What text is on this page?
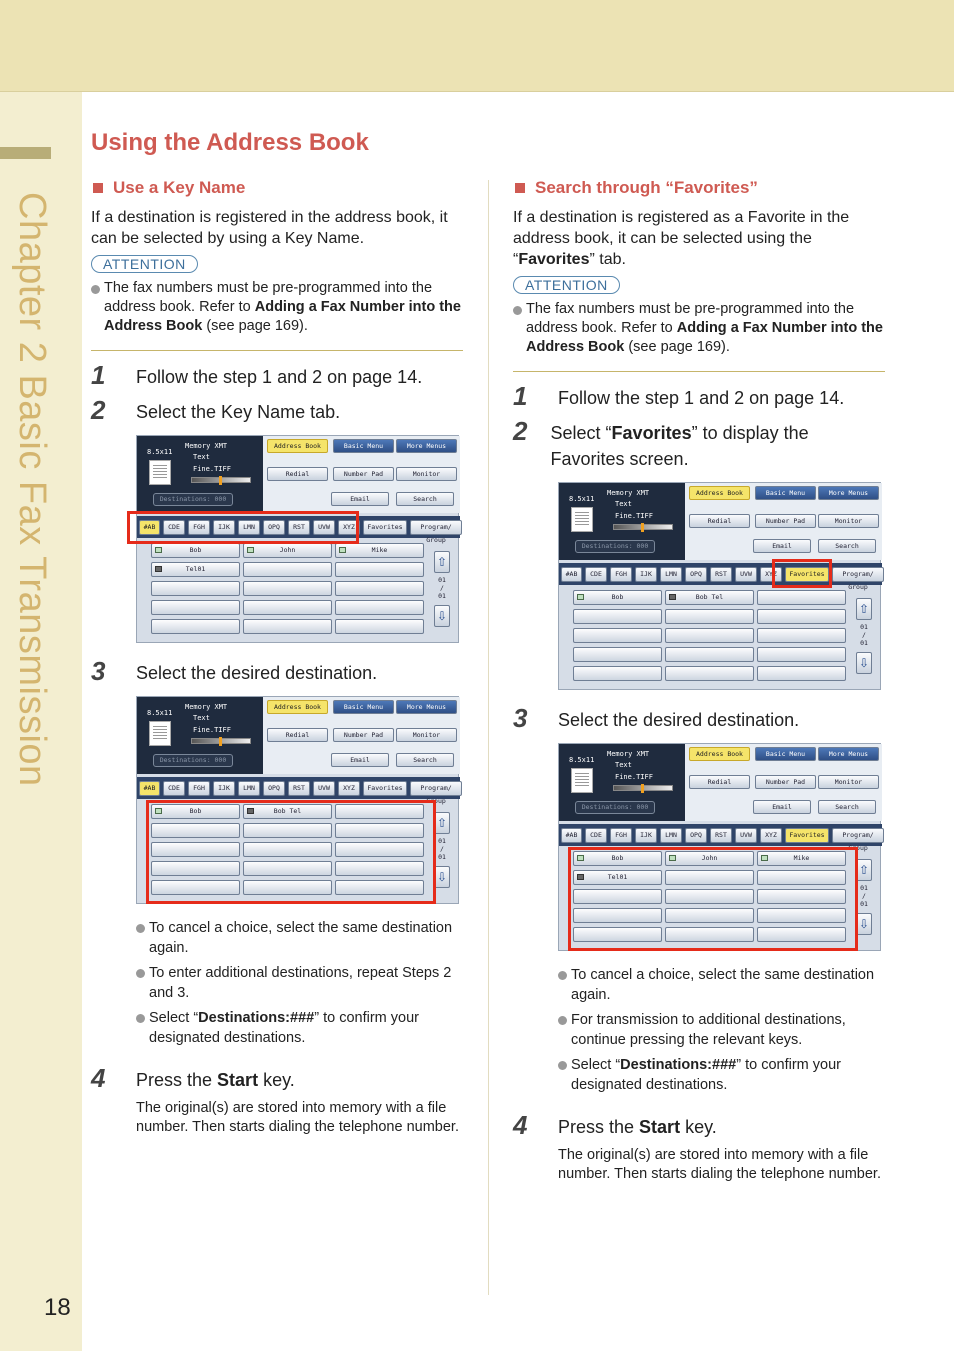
Chapter 2 Basic Fax Transmission
18
Using the Address Book
Use a Key Name
If a destination is registered in the address book, it can be selected by using a Key Name.
ATTENTION
The fax numbers must be pre-programmed into the address book. Refer to Adding a Fax Number into the Address Book (see page 169).
1	Follow the step 1 and 2 on page 14.
2	Select the Key Name tab.
8.5x11
Memory XMT
Text
Fine.TIFF
Destinations: 000
Address Book	Basic Menu	More Menus
Redial	Number Pad	Monitor
Email	Search
#AB	CDE	FGH	IJK	LMN	OPQ	RST	UVW	XYZ	Favorites	Program/ Group
Bob	John	Mike
Tel01	⇧
01
/
01
⇩
3	Select the desired destination.
8.5x11
Memory XMT
Text
Fine.TIFF
Destinations: 000
Address Book	Basic Menu	More Menus
Redial	Number Pad	Monitor
Email	Search
#AB	CDE	FGH	IJK	LMN	OPQ	RST	UVW	XYZ	Favorites	Program/ Group
Bob	Bob Tel
⇧
01
/
01
⇩
To cancel a choice, select the same destination again.
To enter additional destinations, repeat Steps 2 and 3.
Select “Destinations:###” to confirm your designated destinations.
4	Press the Start key.
The original(s) are stored into memory with a file number. Then starts dialing the telephone number.
Search through “Favorites”
If a destination is registered as a Favorite in the address book, it can be selected using the “Favorites” tab.
ATTENTION
The fax numbers must be pre-programmed into the address book. Refer to Adding a Fax Number into the Address Book (see page 169).
1	Follow the step 1 and 2 on page 14.
2	Select “Favorites” to display the Favorites screen.
8.5x11
Memory XMT
Text
Fine.TIFF
Destinations: 000
Address Book	Basic Menu	More Menus
Redial	Number Pad	Monitor
Email	Search
#AB	CDE	FGH	IJK	LMN	OPQ	RST	UVW	XYZ	Favorites	Program/ Group
Bob	Bob Tel
⇧
01
/
01
⇩
3	Select the desired destination.
8.5x11
Memory XMT
Text
Fine.TIFF
Destinations: 000
Address Book	Basic Menu	More Menus
Redial	Number Pad	Monitor
Email	Search
#AB	CDE	FGH	IJK	LMN	OPQ	RST	UVW	XYZ	Favorites	Program/ Group
Bob	John	Mike
Tel01	⇧
01
/
01
⇩
To cancel a choice, select the same destination again.
For transmission to additional destinations, continue pressing the relevant keys.
Select “Destinations:###” to confirm your designated destinations.
4	Press the Start key.
The original(s) are stored into memory with a file number. Then starts dialing the telephone number.
